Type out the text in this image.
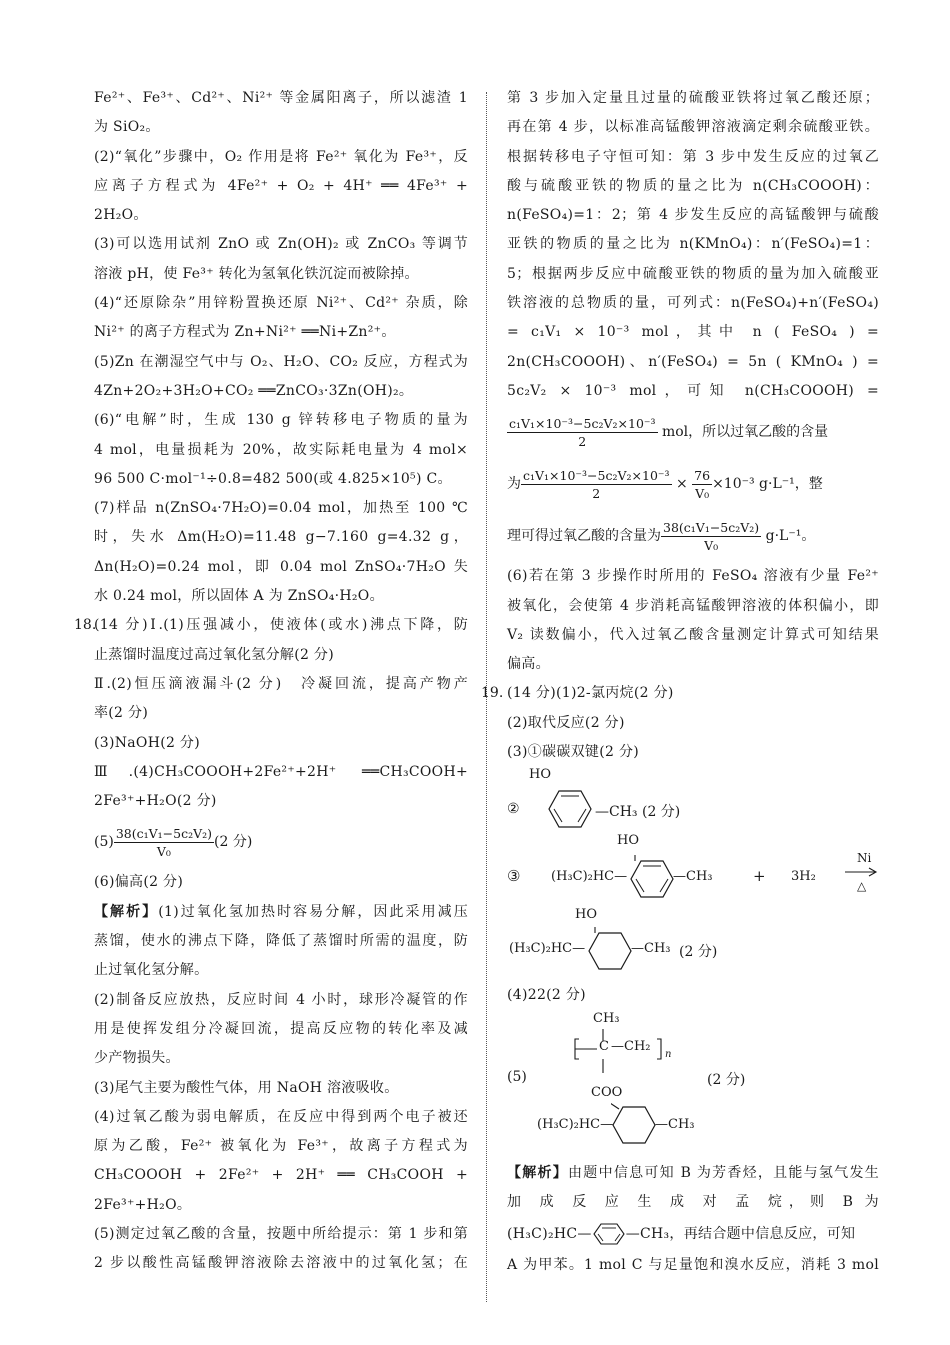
Fe²⁺、Fe³⁺、Cd²⁺、Ni²⁺ 等金属阳离子，所以滤渣 1
为 SiO₂。
(2)“氧化”步骤中，O₂ 作用是将 Fe²⁺ 氧化为 Fe³⁺，反
应离子方程式为 4Fe²⁺ + O₂ + 4H⁺ ══ 4Fe³⁺ +
2H₂O。
(3)可以选用试剂 ZnO 或 Zn(OH)₂ 或 ZnCO₃ 等调节
溶液 pH，使 Fe³⁺ 转化为氢氧化铁沉淀而被除掉。
(4)“还原除杂”用锌粉置换还原 Ni²⁺、Cd²⁺ 杂质，除
Ni²⁺ 的离子方程式为 Zn+Ni²⁺ ══Ni+Zn²⁺。
(5)Zn 在潮湿空气中与 O₂、H₂O、CO₂ 反应，方程式为
4Zn+2O₂+3H₂O+CO₂ ══ZnCO₃·3Zn(OH)₂。
(6)“电解”时，生成 130 g 锌转移电子物质的量为
4 mol，电量损耗为 20%，故实际耗电量为 4 mol×
96 500 C·mol⁻¹÷0.8=482 500(或 4.825×10⁵) C。
(7)样品 n(ZnSO₄·7H₂O)=0.04 mol，加热至 100 ℃
时，失水 Δm(H₂O)=11.48 g−7.160 g=4.32 g，
Δn(H₂O)=0.24 mol，即 0.04 mol ZnSO₄·7H₂O 失
水 0.24 mol，所以固体 A 为 ZnSO₄·H₂O。
18.
(14 分)Ⅰ.(1)压强减小，使液体(或水)沸点下降，防
止蒸馏时温度过高过氧化氢分解(2 分)
Ⅱ.(2)恒压滴液漏斗(2 分)　冷凝回流，提高产物产
率(2 分)
(3)NaOH(2 分)
Ⅲ.(4)CH₃COOOH+2Fe²⁺+2H⁺ ══CH₃COOH+
2Fe³⁺+H₂O(2 分)
$(5) \frac{\text{38(c₁V₁−5c₂V₂)}}{\text{V₀}} (2$ 分)
(6)偏高(2 分)
【解析】(1)过氧化氢加热时容易分解，因此采用减压
蒸馏，使水的沸点下降，降低了蒸馏时所需的温度，防
止过氧化氢分解。
(2)制备反应放热，反应时间 4 小时，球形冷凝管的作
用是使挥发组分冷凝回流，提高反应物的转化率及减
少产物损失。
(3)尾气主要为酸性气体，用 NaOH 溶液吸收。
(4)过氧乙酸为弱电解质，在反应中得到两个电子被还
原为乙酸，Fe²⁺ 被氧化为 Fe³⁺，故离子方程式为
CH₃COOOH + 2Fe²⁺ + 2H⁺ ══ CH₃COOH +
2Fe³⁺+H₂O。
(5)测定过氧乙酸的含量，按题中所给提示：第 1 步和第
2 步以酸性高锰酸钾溶液除去溶液中的过氧化氢；在
第 3 步加入定量且过量的硫酸亚铁将过氧乙酸还原；
再在第 4 步，以标准高锰酸钾溶液滴定剩余硫酸亚铁。
根据转移电子守恒可知：第 3 步中发生反应的过氧乙
酸与硫酸亚铁的物质的量之比为 n(CH₃COOOH)：
n(FeSO₄)=1：2；第 4 步发生反应的高锰酸钾与硫酸
亚铁的物质的量之比为 n(KMnO₄)：n′(FeSO₄)=1：
5；根据两步反应中硫酸亚铁的物质的量为加入硫酸亚
铁溶液的总物质的量，可列式：n(FeSO₄)+n′(FeSO₄)
= c₁V₁ × 10⁻³ mol，其中 n ( FeSO₄ ) =
2n(CH₃COOOH)、n′(FeSO₄) = 5n ( KMnO₄ ) =
5c₂V₂ × 10⁻³ mol，可知 n(CH₃COOOH) =
$\frac{\text{c₁V₁×10⁻³−5c₂V₂×10⁻³}}{2}$ mol，所以过氧乙酸的含量
为 $\frac{\text{c₁V₁×10⁻³−5c₂V₂×10⁻³}}{2} \times \frac{76}{\text{V₀}} \times 10^{-3}$ g·L⁻¹，整
理可得过氧乙酸的含量为 $\frac{\text{38(c₁V₁−5c₂V₂)}}{\text{V₀}} g\cdot L^{-1}$。
(6)若在第 3 步操作时所用的 FeSO₄ 溶液有少量 Fe²⁺
被氧化，会使第 4 步消耗高锰酸钾溶液的体积偏小，即
V₂ 读数偏小，代入过氧乙酸含量测定计算式可知结果
偏高。
19. (14 分)(1)2-氯丙烷(2 分)
(2)取代反应(2 分)
(3)①碳碳双键(2 分)
HO
②	—CH₃ (2 分)
HO
③ (H₃C)₂HC—	—CH₃	+ 3H₂
Ni
△
HO
(H₃C)₂HC—	—CH₃ (2 分)
(4)22(2 分)
(5)
CH₃
C —CH₂
n
(2 分)
COO
(H₃C)₂HC—	—CH₃
【解析】由题中信息可知 B 为芳香烃，且能与氢气发生
加 成 反 应 生 成 对 孟 烷，则 B 为
(H₃C)₂HC— —CH₃，再结合题中信息反应，可知
A 为甲苯。1 mol C 与足量饱和溴水反应，消耗 3 mol
